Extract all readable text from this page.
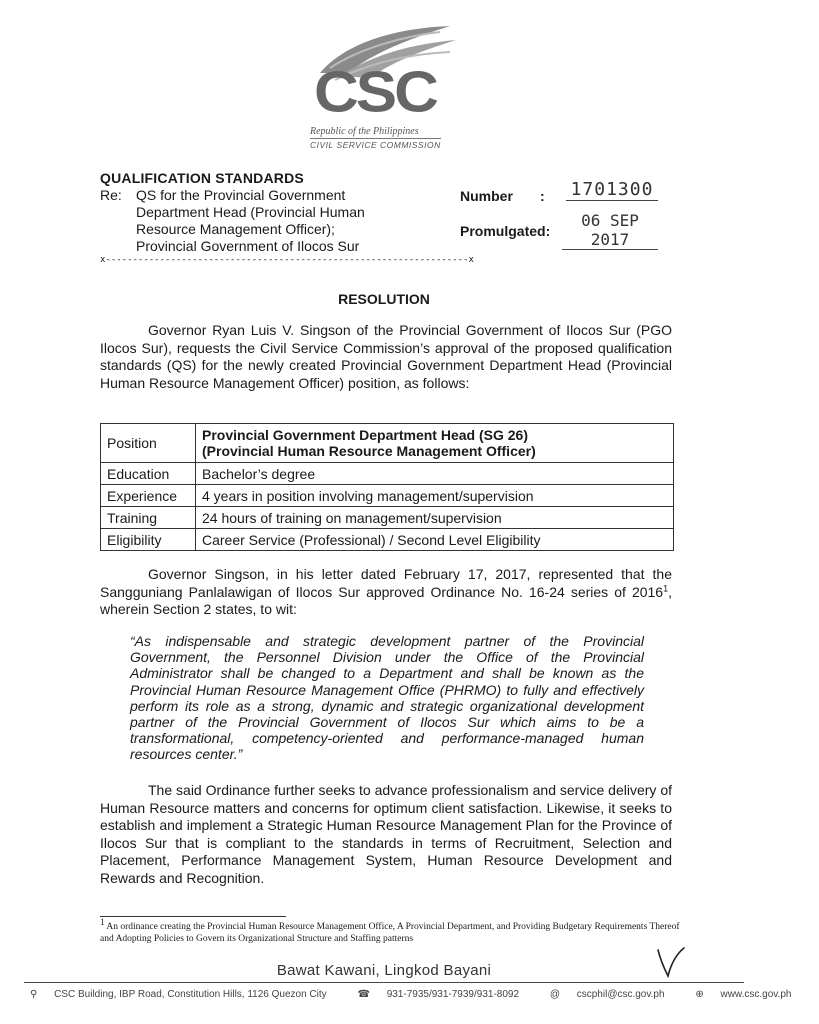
CSC
Republic of the Philippines
CIVIL SERVICE COMMISSION
QUALIFICATION STANDARDS
Re: QS for the Provincial Government
Department Head (Provincial Human
Resource Management Officer);
Provincial Government of Ilocos Sur
Number : 1701300
Promulgated:
06 SEP 2017
x-------------------------------------------------------------------x
RESOLUTION
Governor Ryan Luis V. Singson of the Provincial Government of Ilocos Sur (PGO Ilocos Sur), requests the Civil Service Commission’s approval of the proposed qualification standards (QS) for the newly created Provincial Government Department Head (Provincial Human Resource Management Officer) position, as follows:
Position	Provincial Government Department Head (SG 26)
(Provincial Human Resource Management Officer)

Education	Bachelor’s degree
Experience	4 years in position involving management/supervision
Training	24 hours of training on management/supervision
Eligibility	Career Service (Professional) / Second Level Eligibility
Governor Singson, in his letter dated February 17, 2017, represented that the Sangguniang Panlalawigan of Ilocos Sur approved Ordinance No. 16-24 series of 2016$^1$, wherein Section 2 states, to wit:
“As indispensable and strategic development partner of the Provincial Government, the Personnel Division under the Office of the Provincial Administrator shall be changed to a Department and shall be known as the Provincial Human Resource Management Office (PHRMO) to fully and effectively perform its role as a strong, dynamic and strategic organizational development partner of the Provincial Government of Ilocos Sur which aims to be a transformational, competency-oriented and performance-managed human resources center.”
The said Ordinance further seeks to advance professionalism and service delivery of Human Resource matters and concerns for optimum client satisfaction. Likewise, it seeks to establish and implement a Strategic Human Resource Management Plan for the Province of Ilocos Sur that is compliant to the standards in terms of Recruitment, Selection and Placement, Performance Management System, Human Resource Development and Rewards and Recognition.
$^1$ An ordinance creating the Provincial Human Resource Management Office, A Provincial Department, and Providing Budgetary Requirements Thereof and Adopting Policies to Govern its Organizational Structure and Staffing patterns
Bawat Kawani, Lingkod Bayani
⚲ CSC Building, IBP Road, Constitution Hills, 1126 Quezon City	☎ 931-7935/931-7939/931-8092	@ cscphil@csc.gov.ph	⊕ www.csc.gov.ph
